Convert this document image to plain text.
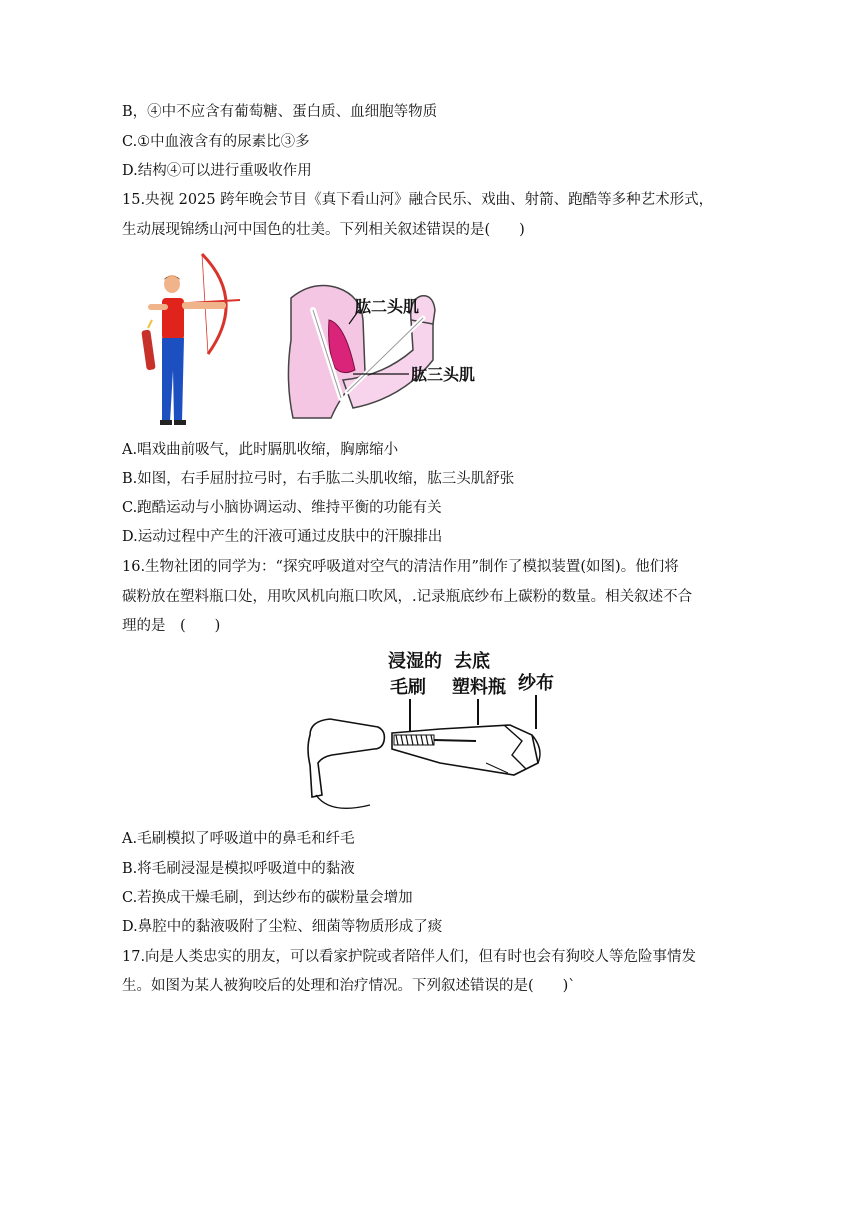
B，④中不应含有葡萄糖、蛋白质、血细胞等物质
C.①中血液含有的尿素比③多
D.结构④可以进行重吸收作用
15.央视 2025 跨年晚会节目《真下看山河》融合民乐、戏曲、射箭、跑酷等多种艺术形式，
生动展现锦绣山河中国色的壮美。下列相关叙述错误的是(　　)
肱二头肌
肱三头肌
A.唱戏曲前吸气，此时膈肌收缩，胸廓缩小
B.如图，右手屈肘拉弓时，右手肱二头肌收缩，肱三头肌舒张
C.跑酷运动与小脑协调运动、维持平衡的功能有关
D.运动过程中产生的汗液可通过皮肤中的汗腺排出
16.生物社团的同学为：“探究呼吸道对空气的清洁作用”制作了模拟装置(如图)。他们将
碳粉放在塑料瓶口处，用吹风机向瓶口吹风，.记录瓶底纱布上碳粉的数量。相关叙述不合
理的是　(　　)
浸湿的
毛刷
去底
塑料瓶 纱布
A.毛刷模拟了呼吸道中的鼻毛和纤毛
B.将毛刷浸湿是模拟呼吸道中的黏液
C.若换成干燥毛刷，到达纱布的碳粉量会增加
D.鼻腔中的黏液吸附了尘粒、细菌等物质形成了痰
17.向是人类忠实的朋友，可以看家护院或者陪伴人们，但有时也会有狗咬人等危险事情发
生。如图为某人被狗咬后的处理和治疗情况。下列叙述错误的是(　　)`
